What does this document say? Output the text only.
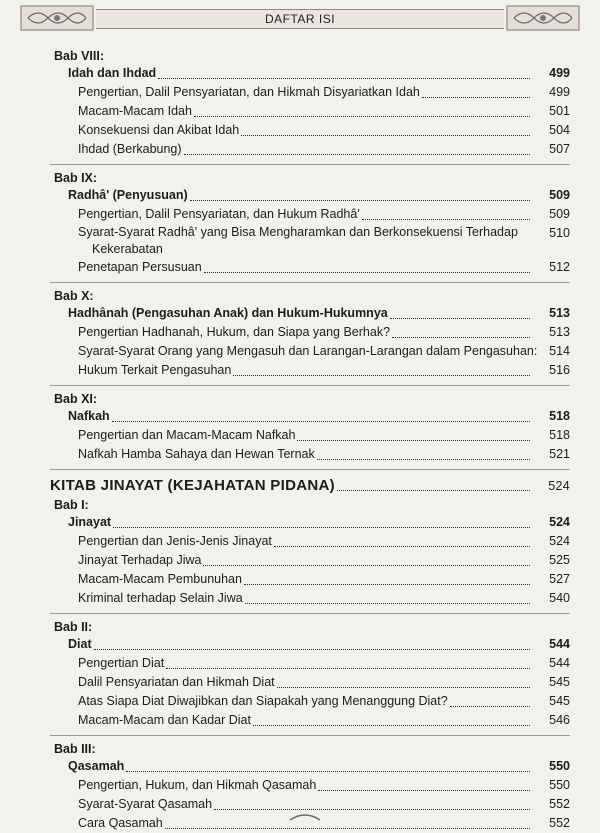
DAFTAR ISI
Bab VIII:
Idah dan Ihdad	499
Pengertian, Dalil Pensyariatan, dan Hikmah Disyariatkan Idah	499
Macam-Macam Idah	501
Konsekuensi dan Akibat Idah	504
Ihdad (Berkabung)	507
Bab IX:
Radhâ' (Penyusuan)	509
Pengertian, Dalil Pensyariatan, dan Hukum Radhâ'	509
Syarat-Syarat Radhâ' yang Bisa Mengharamkan dan Berkonsekuensi Terhadap
Kekerabatan
510
Penetapan Persusuan	512
Bab X:
Hadhânah (Pengasuhan Anak) dan Hukum-Hukumnya	513
Pengertian Hadhanah, Hukum, dan Siapa yang Berhak?	513
Syarat-Syarat Orang yang Mengasuh dan Larangan-Larangan dalam Pengasuhan: 514
Hukum Terkait Pengasuhan	516
Bab XI:
Nafkah	518
Pengertian dan Macam-Macam Nafkah	518
Nafkah Hamba Sahaya dan Hewan Ternak	521
KITAB JINAYAT (KEJAHATAN PIDANA)	524
Bab I:
Jinayat	524
Pengertian dan Jenis-Jenis Jinayat	524
Jinayat Terhadap Jiwa	525
Macam-Macam Pembunuhan	527
Kriminal terhadap Selain Jiwa	540
Bab II:
Diat	544
Pengertian Diat	544
Dalil Pensyariatan dan Hikmah Diat	545
Atas Siapa Diat Diwajibkan dan Siapakah yang Menanggung Diat?	545
Macam-Macam dan Kadar Diat	546
Bab III:
Qasamah	550
Pengertian, Hukum, dan Hikmah Qasamah	550
Syarat-Syarat Qasamah	552
Cara Qasamah	552
